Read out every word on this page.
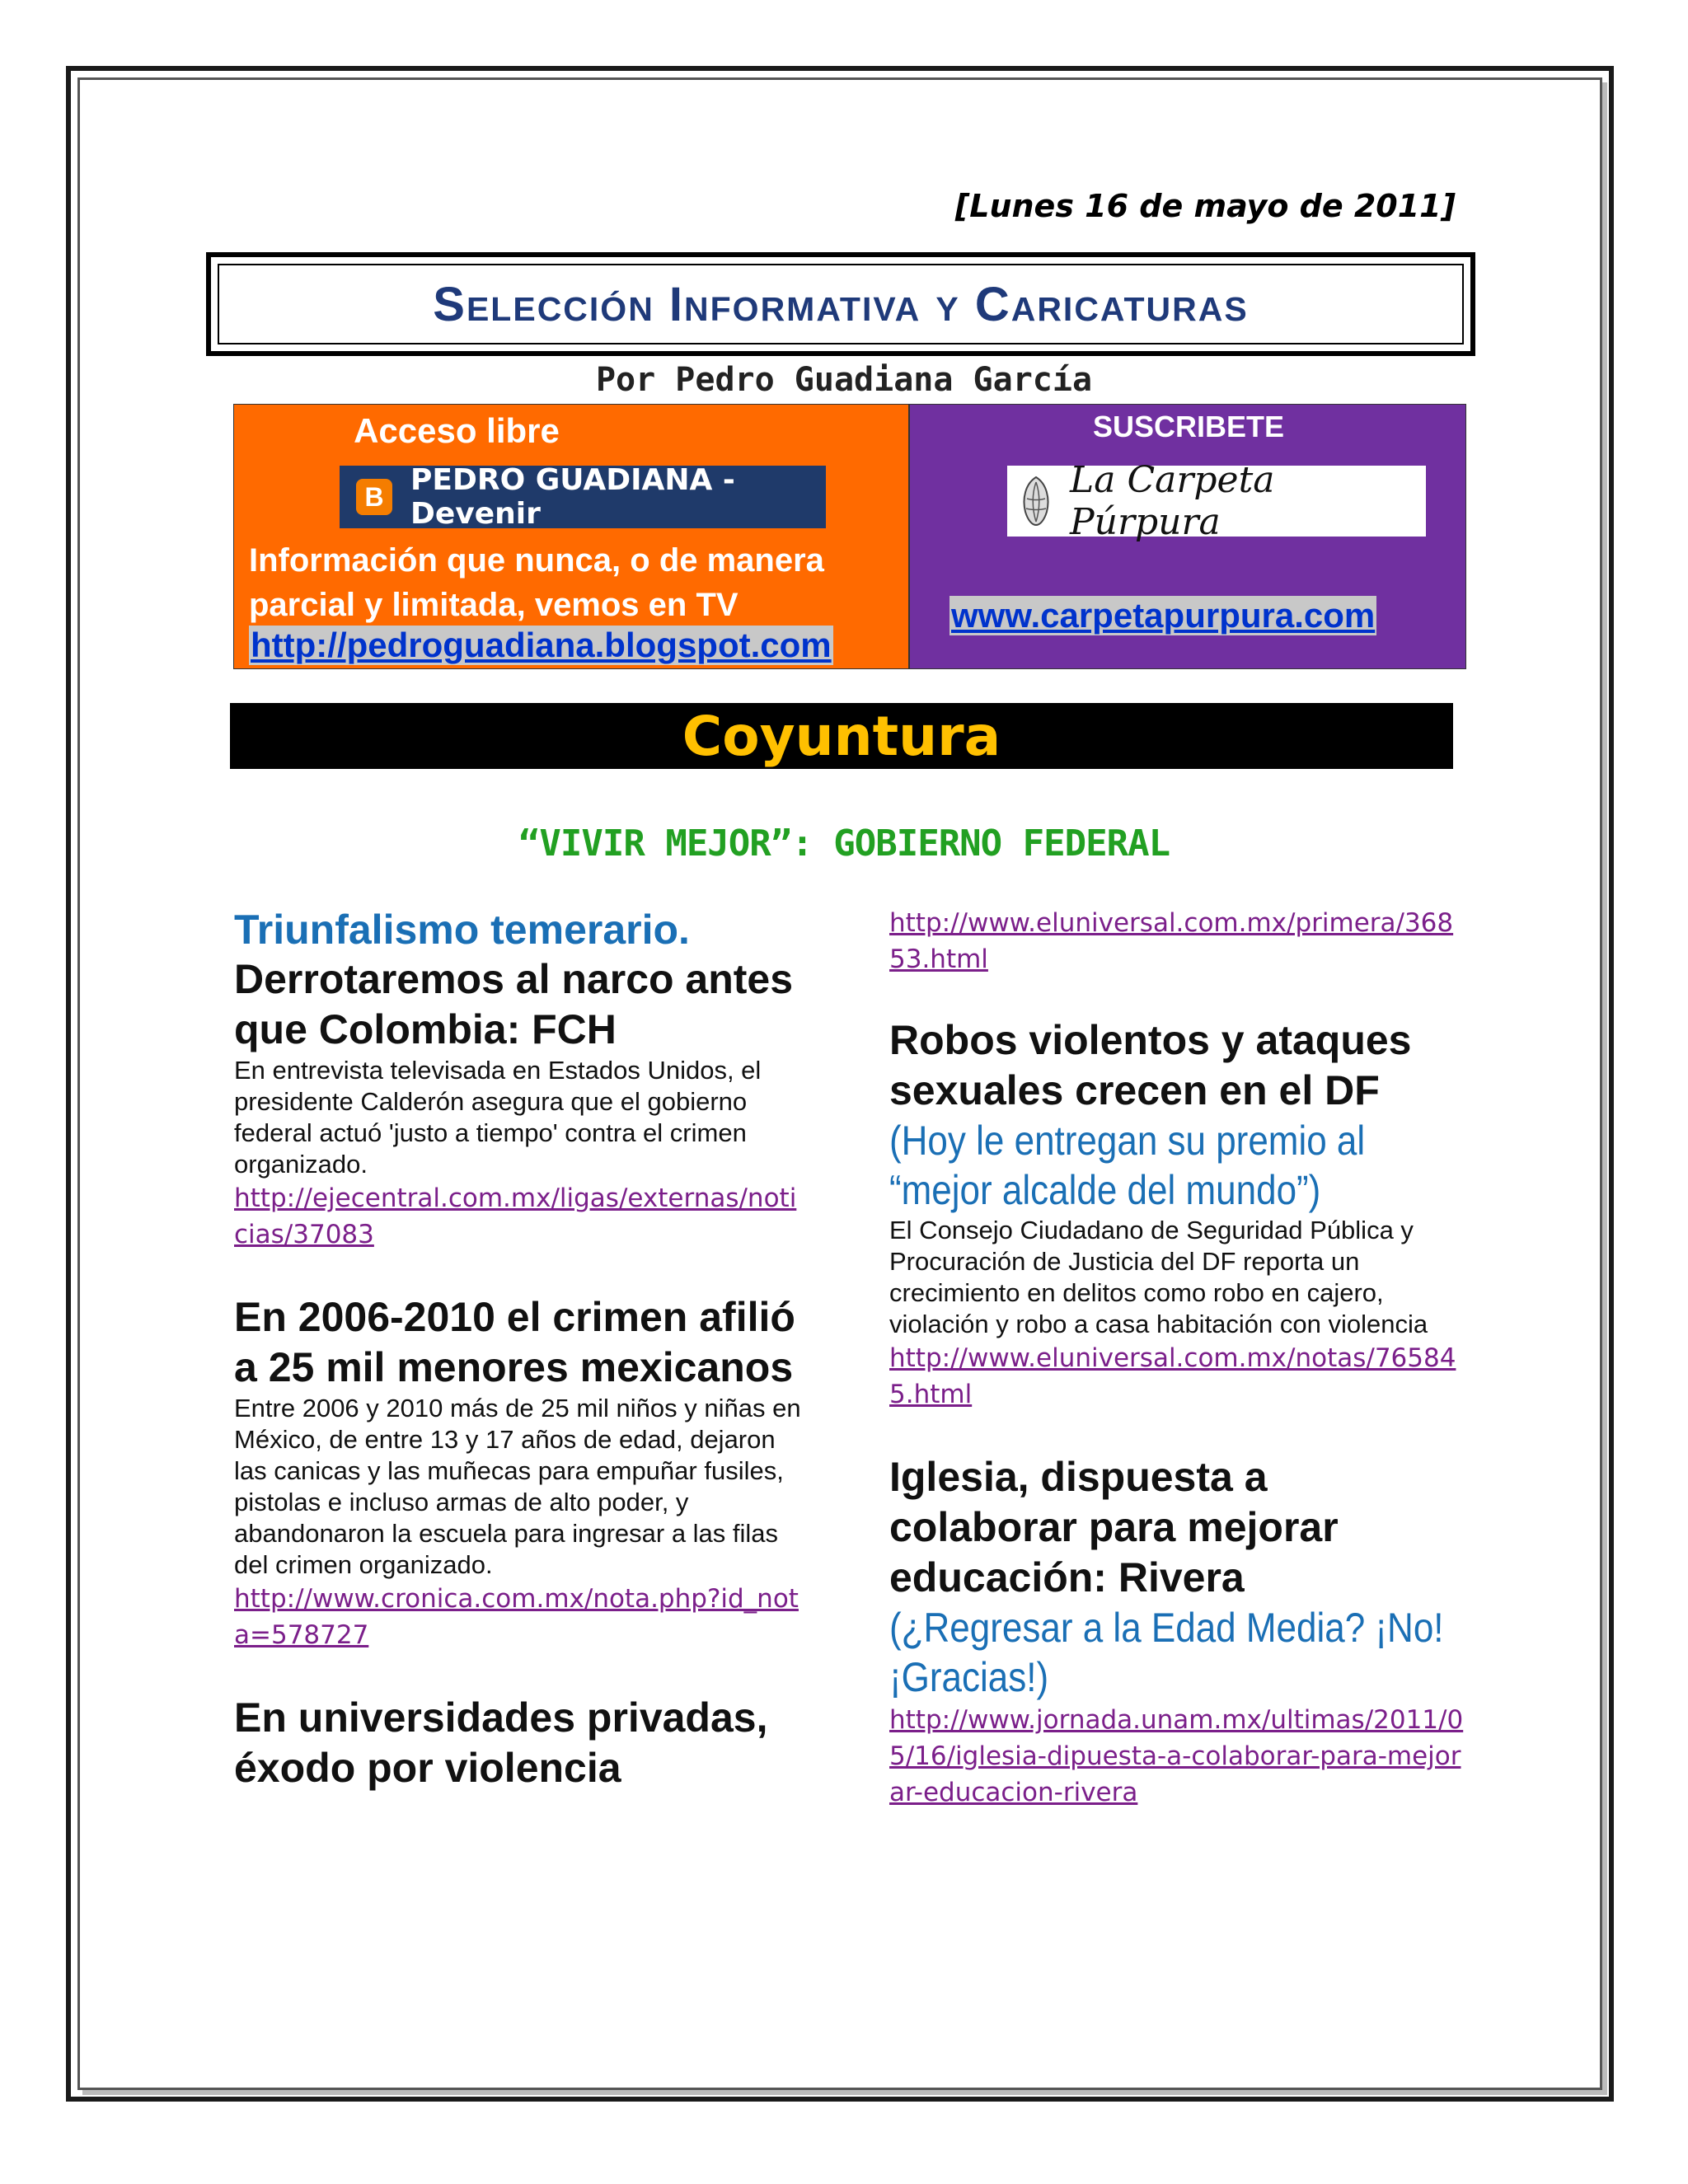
[Lunes 16 de mayo de 2011]
Selección Informativa y Caricaturas
Por Pedro Guadiana García
Acceso libre
B
PEDRO GUADIANA - Devenir
Información que nunca, o de manera parcial y limitada, vemos en TV
http://pedroguadiana.blogspot.com
SUSCRIBETE
La Carpeta Púrpura
www.carpetapurpura.com
Coyuntura
“VIVIR MEJOR”: GOBIERNO FEDERAL
Triunfalismo temerario.
Derrotaremos al narco antes que Colombia: FCH
En entrevista televisada en Estados Unidos, el presidente Calderón asegura que el gobierno federal actuó 'justo a tiempo' contra el crimen organizado.
http://ejecentral.com.mx/ligas/externas/noticias/37083
En 2006-2010 el crimen afilió a 25 mil menores mexicanos
Entre 2006 y 2010 más de 25 mil niños y niñas en México, de entre 13 y 17 años de edad, dejaron las canicas y las muñecas para empuñar fusiles, pistolas e incluso armas de alto poder, y abandonaron la escuela para ingresar a las filas del crimen organizado.
http://www.cronica.com.mx/nota.php?id_nota=578727
En universidades privadas, éxodo por violencia
http://www.eluniversal.com.mx/primera/36853.html
Robos violentos y ataques sexuales crecen en el DF
(Hoy le entregan su premio al “mejor alcalde del mundo”)
El Consejo Ciudadano de Seguridad Pública y Procuración de Justicia del DF reporta un crecimiento en delitos como robo en cajero, violación y robo a casa habitación con violencia
http://www.eluniversal.com.mx/notas/765845.html
Iglesia, dispuesta a colaborar para mejorar educación: Rivera
(¿Regresar a la Edad Media? ¡No! ¡Gracias!)
http://www.jornada.unam.mx/ultimas/2011/05/16/iglesia-dipuesta-a-colaborar-para-mejorar-educacion-rivera
